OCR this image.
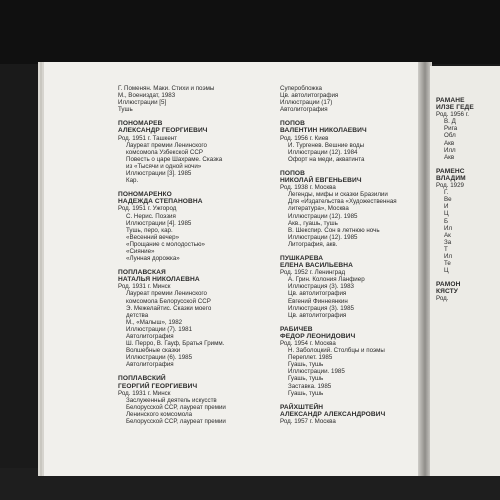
Г. Поменян. Маки. Стихи и поэмы
М., Воениздат, 1983
Иллюстрации [5]
Тушь
ПОНОМАРЕВ
АЛЕКСАНДР ГЕОРГИЕВИЧ
Род. 1951 г. Ташкент
Лауреат премии Ленинского
комсомола Узбекской ССР
Повесть о царе Шахраме. Сказка
из «Тысячи и одной ночи»
Иллюстрации [3]. 1985
Кар.
ПОНОМАРЕНКО
НАДЕЖДА СТЕПАНОВНА
Род. 1951 г. Ужгород
С. Нерис. Поэзия
Иллюстрации [4]. 1985
Тушь, перо, кар.
«Весенний вечер»
«Прощание с молодостью»
«Сияние»
«Лунная дорожка»
ПОПЛАВСКАЯ
НАТАЛЬЯ НИКОЛАЕВНА
Род. 1931 г. Минск
Лауреат премии Ленинского
комсомола Белорусской ССР
Э. Межелайтис. Сказки моего
детства
М., «Малыш», 1982
Иллюстрации (7). 1981
Автолитография
Ш. Перро, В. Гауф, Братья Гримм.
Волшебные сказки
Иллюстрации (6). 1985
Автолитография
ПОПЛАВСКИЙ
ГЕОРГИЙ ГЕОРГИЕВИЧ
Род. 1931 г. Минск
Заслуженный деятель искусств
Белорусской ССР, лауреат премии
Ленинского комсомола
Белорусской ССР, лауреат премии
Суперобложка
Цв. автолитография
Иллюстрации (17)
Автолитография
ПОПОВ
ВАЛЕНТИН НИКОЛАЕВИЧ
Род. 1956 г. Киев
И. Тургенев. Вешние воды
Иллюстрации (12). 1984
Офорт на меди, акватинта
ПОПОВ
НИКОЛАЙ ЕВГЕНЬЕВИЧ
Род. 1938 г. Москва
Легенды, мифы и сказки Бразилии
Для «Издательства «Художественная
литература», Москва
Иллюстрации (12). 1985
Акв., гуашь, тушь
В. Шекспир. Сон в летнюю ночь
Иллюстрации (12). 1985
Литография, акв.
ПУШКАРЕВА
ЕЛЕНА ВАСИЛЬЕВНА
Род. 1952 г. Ленинград
А. Грин. Колония Ланфиер
Иллюстрация (3). 1983
Цв. автолитография
Евгений Финнеянкин
Иллюстрация (3). 1985
Цв. автолитография
РАБИЧЕВ
ФЕДОР ЛЕОНИДОВИЧ
Род. 1954 г. Москва
Н. Заболоцкий. Столбцы и поэмы
Переплет. 1985
Гуашь, тушь
Иллюстрации. 1985
Гуашь, тушь
Заставка. 1985
Гуашь, тушь
РАЙХШТЕЙН
АЛЕКСАНДР АЛЕКСАНДРОВИЧ
Род. 1957 г. Москва
РАМАНЕ
ИЛЗЕ ГЕДЕ
Род. 1956 г.
В. Д
Рига
Обл
Акв
Илл
Акв
РАМЕНС
ВЛАДИМ
Род. 1929
Г.
Ве
И
Ц
Б
Ил
Ак
За
Т
Ил
Те
Ц
РАМОН
КЯСТУ
Род.
